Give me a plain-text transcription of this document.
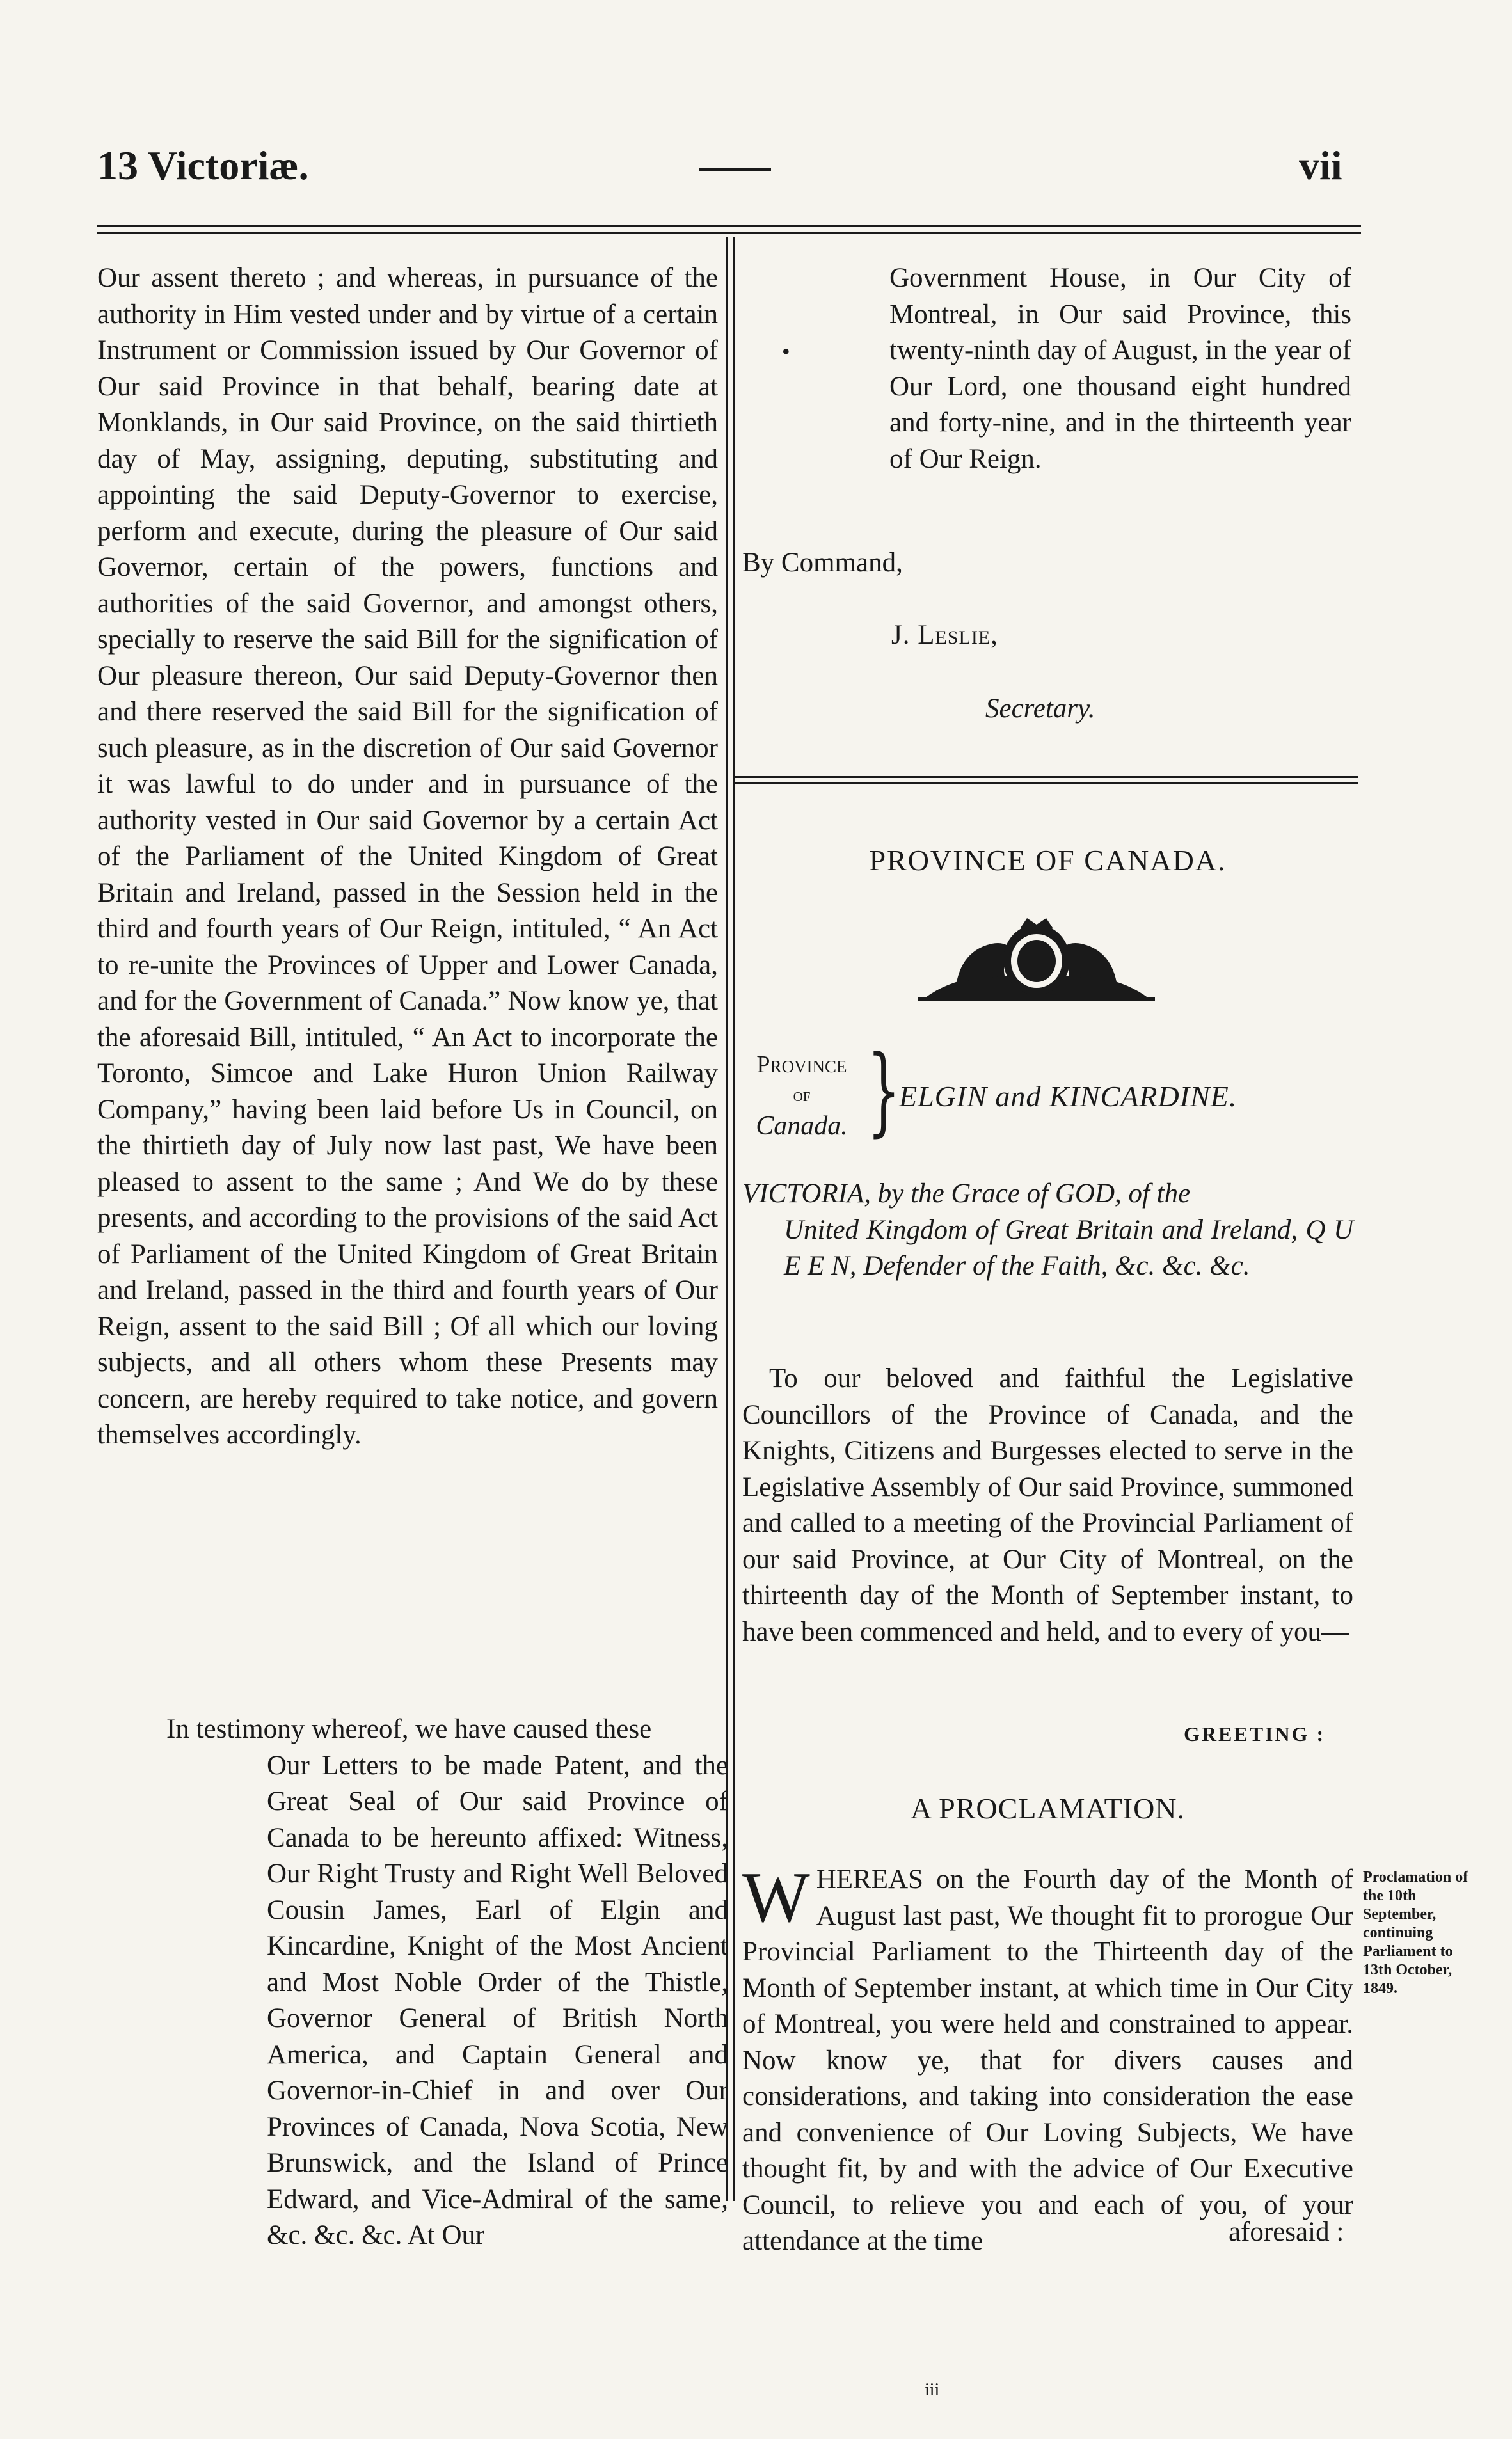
13 Victoriæ.	vii

Our assent thereto ; and whereas, in pursuance of the authority in Him vested under and by virtue of a certain Instrument or Commission issued by Our Governor of Our said Province in that behalf, bearing date at Monklands, in Our said Province, on the said thirtieth day of May, assigning, deputing, substituting and appointing the said Deputy-Governor to exercise, perform and execute, during the pleasure of Our said Governor, certain of the powers, functions and authorities of the said Governor, and amongst others, specially to reserve the said Bill for the signification of Our pleasure thereon, Our said Deputy-Governor then and there reserved the said Bill for the signification of such pleasure, as in the discretion of Our said Governor it was lawful to do under and in pursuance of the authority vested in Our said Governor by a certain Act of the Parliament of the United Kingdom of Great Britain and Ireland, passed in the Session held in the third and fourth years of Our Reign, intituled, “ An Act to re-unite the Provinces of Upper and Lower Canada, and for the Government of Canada.” Now know ye, that the aforesaid Bill, intituled, “ An Act to incorporate the Toronto, Simcoe and Lake Huron Union Railway Company,” having been laid before Us in Council, on the thirtieth day of July now last past, We have been pleased to assent to the same ; And We do by these presents, and according to the provisions of the said Act of Parliament of the United Kingdom of Great Britain and Ireland, passed in the third and fourth years of Our Reign, assent to the said Bill ; Of all which our loving subjects, and all others whom these Presents may concern, are hereby required to take notice, and govern themselves accordingly.

In testimony whereof, we have caused these
Our Letters to be made Patent, and the Great Seal of Our said Province of Canada to be hereunto affixed: Witness, Our Right Trusty and Right Well Beloved Cousin James, Earl of Elgin and Kincardine, Knight of the Most Ancient and Most Noble Order of the Thistle, Governor General of British North America, and Captain General and Governor-in-Chief in and over Our Provinces of Canada, Nova Scotia, New Brunswick, and the Island of Prince Edward, and Vice-Admiral of the same, &c. &c. &c. At Our
•
Government House, in Our City of Montreal, in Our said Province, this twenty-ninth day of August, in the year of Our Lord, one thousand eight hundred and forty-nine, and in the thirteenth year of Our Reign.
By Command,
J. Leslie,
Secretary.
PROVINCE OF CANADA.
Province
of
Canada. }
ELGIN and KINCARDINE.
VICTORIA, by the Grace of GOD, of the
United Kingdom of Great Britain and Ireland, Q U E E N, Defender of the Faith, &c. &c. &c.
To our beloved and faithful the Legislative Councillors of the Province of Canada, and the Knights, Citizens and Burgesses elected to serve in the Legislative Assembly of Our said Province, summoned and called to a meeting of the Provincial Parliament of our said Province, at Our City of Montreal, on the thirteenth day of the Month of September instant, to have been commenced and held, and to every of you—
GREETING :
A PROCLAMATION.
WHEREAS on the Fourth day of the Month of August last past, We thought fit to prorogue Our Provincial Parliament to the Thirteenth day of the Month of September instant, at which time in Our City of Montreal, you were held and constrained to appear. Now know ye, that for divers causes and considerations, and taking into consideration the ease and convenience of Our Loving Subjects, We have thought fit, by and with the advice of Our Executive Council, to relieve you and each of you, of your attendance at the time	aforesaid :
Proclamation of the 10th September, continuing Parliament to 13th October, 1849.
iii
